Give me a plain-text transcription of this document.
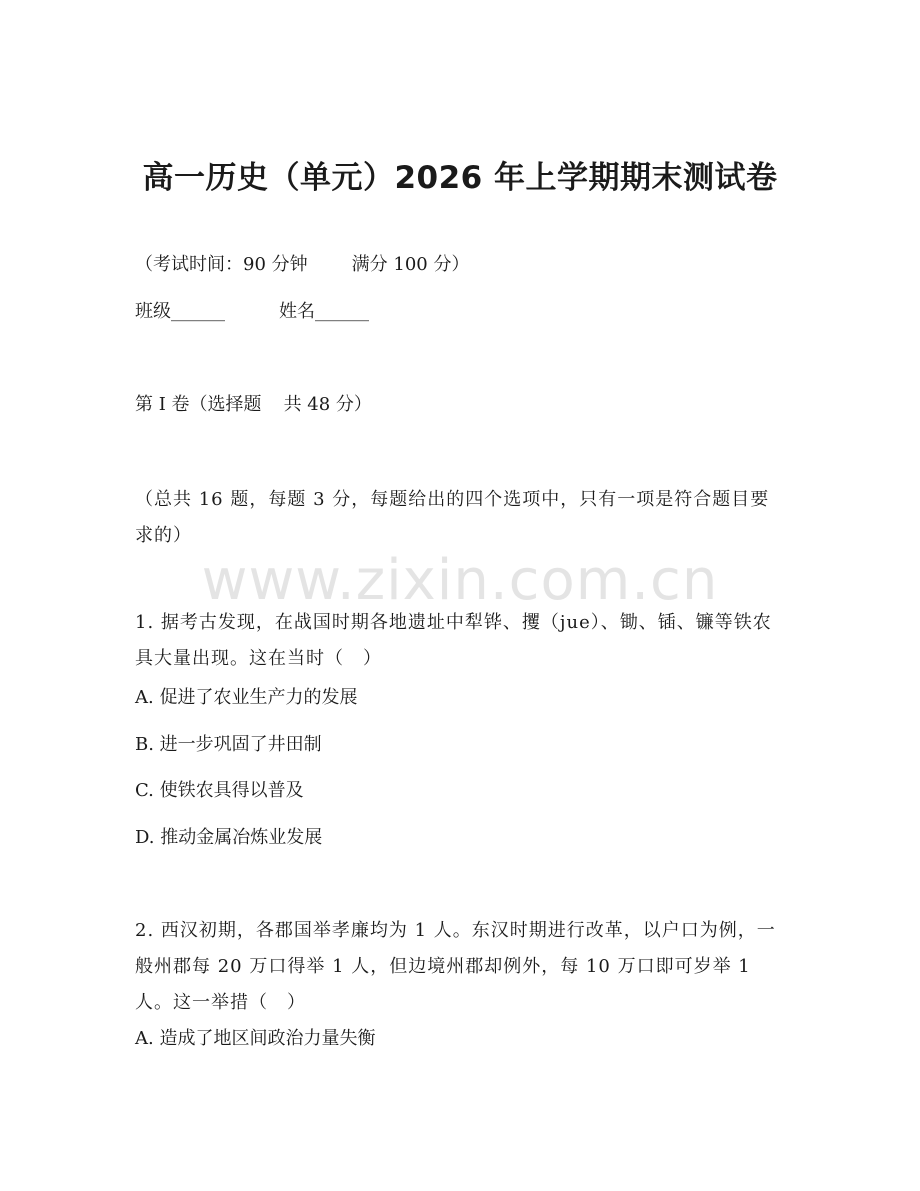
高一历史（单元）2026 年上学期期末测试卷
（考试时间：90 分钟 满分 100 分）
班级______	姓名______
第 I 卷（选择题 共 48 分）
（总共 16 题，每题 3 分，每题给出的四个选项中，只有一项是符合题目要求的）
www.zixin.com.cn
1. 据考古发现，在战国时期各地遗址中犁铧、攫（jue）、锄、锸、镰等铁农具大量出现。这在当时（　）
A. 促进了农业生产力的发展
B. 进一步巩固了井田制
C. 使铁农具得以普及
D. 推动金属冶炼业发展
2. 西汉初期，各郡国举孝廉均为 1 人。东汉时期进行改革，以户口为例，一般州郡每 20 万口得举 1 人，但边境州郡却例外，每 10 万口即可岁举 1 人。这一举措（　）
A. 造成了地区间政治力量失衡
